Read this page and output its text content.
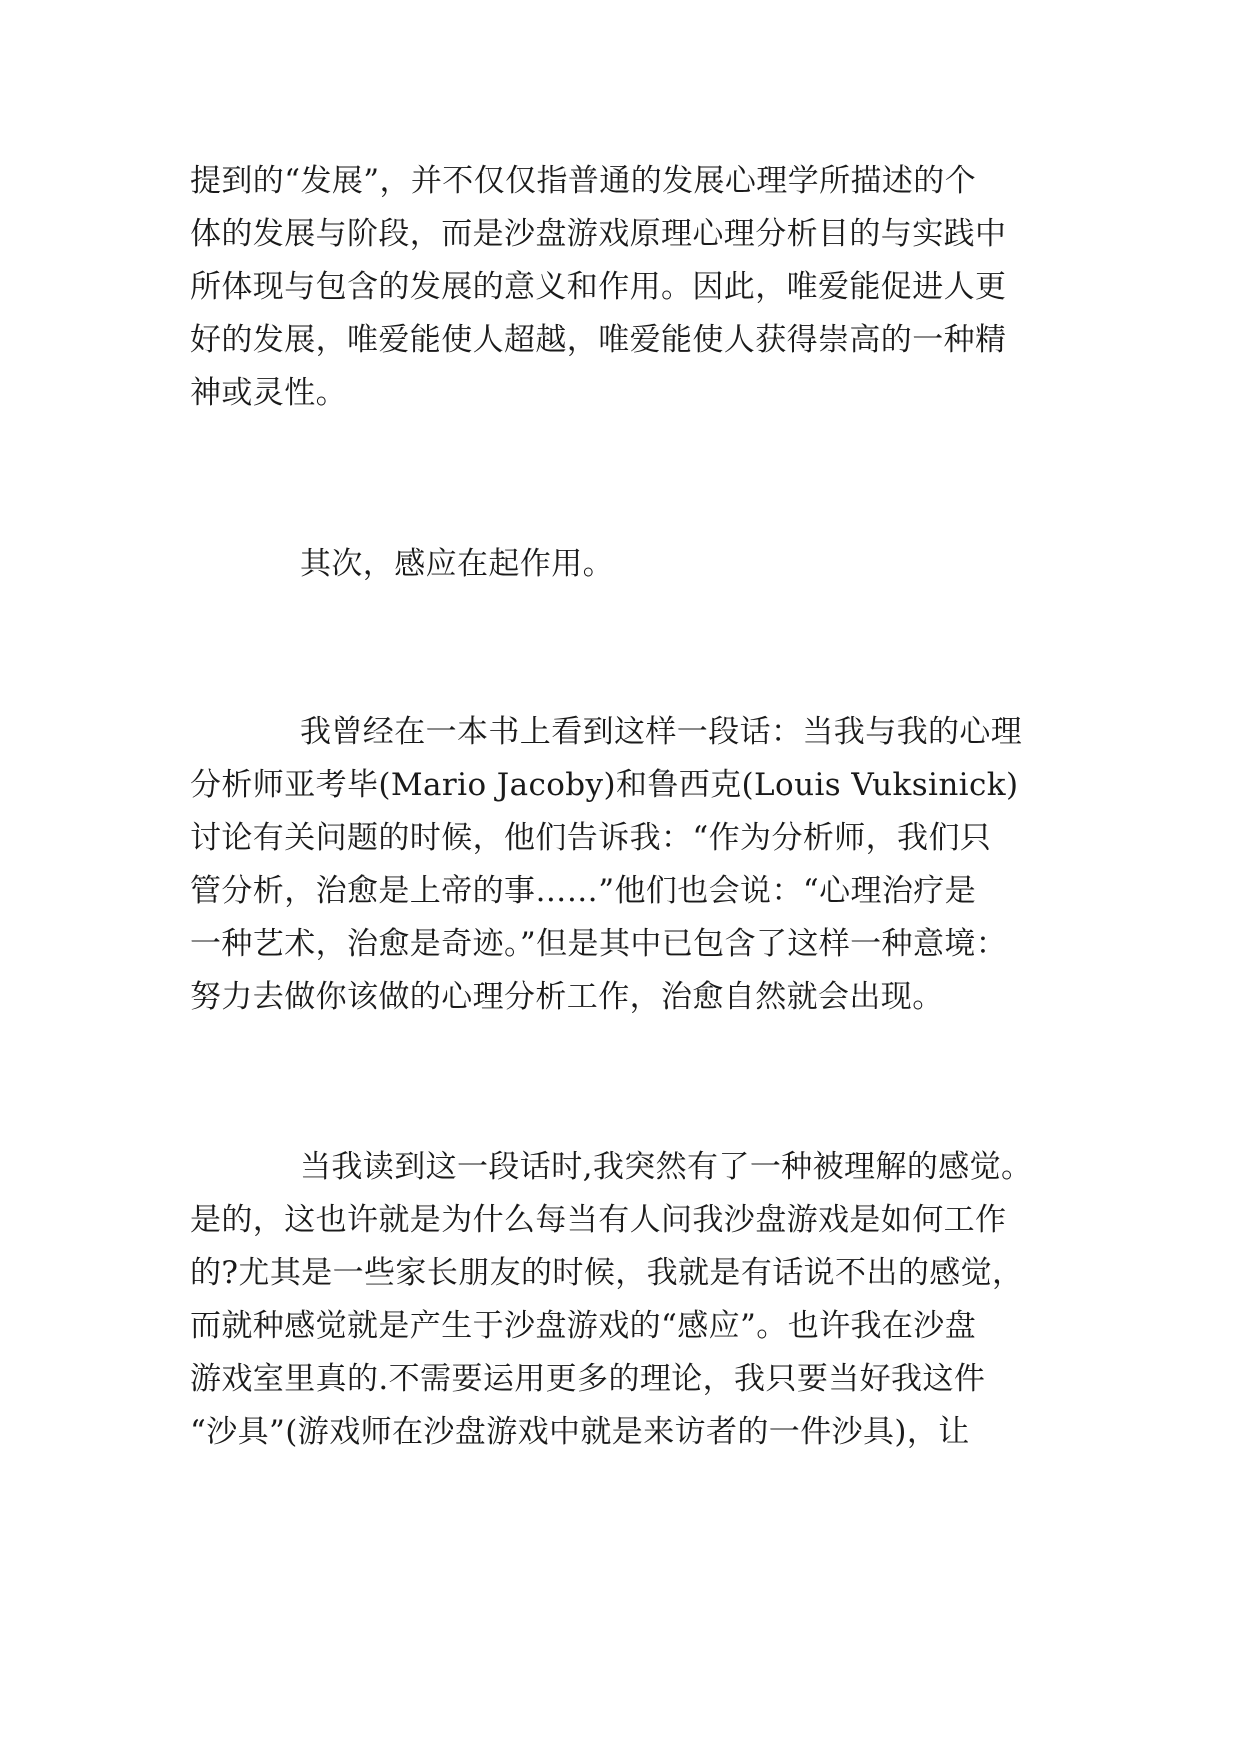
提到的“发展”，并不仅仅指普通的发展心理学所描述的个

体的发展与阶段，而是沙盘游戏原理心理分析目的与实践中

所体现与包含的发展的意义和作用。因此，唯爱能促进人更

好的发展，唯爱能使人超越，唯爱能使人获得崇高的一种精

神或灵性。

其次，感应在起作用。

我曾经在一本书上看到这样一段话：当我与我的心理

分析师亚考毕(Mario Jacoby)和鲁西克(Louis Vuksinick)

讨论有关问题的时候，他们告诉我：“作为分析师，我们只

管分析，治愈是上帝的事……”他们也会说：“心理治疗是

一种艺术，治愈是奇迹。”但是其中已包含了这样一种意境：

努力去做你该做的心理分析工作，治愈自然就会出现。

当我读到这一段话时,我突然有了一种被理解的感觉。

是的，这也许就是为什么每当有人问我沙盘游戏是如何工作

的?尤其是一些家长朋友的时候，我就是有话说不出的感觉，

而就种感觉就是产生于沙盘游戏的“感应”。也许我在沙盘

游戏室里真的.不需要运用更多的理论，我只要当好我这件

“沙具”(游戏师在沙盘游戏中就是来访者的一件沙具)，让
